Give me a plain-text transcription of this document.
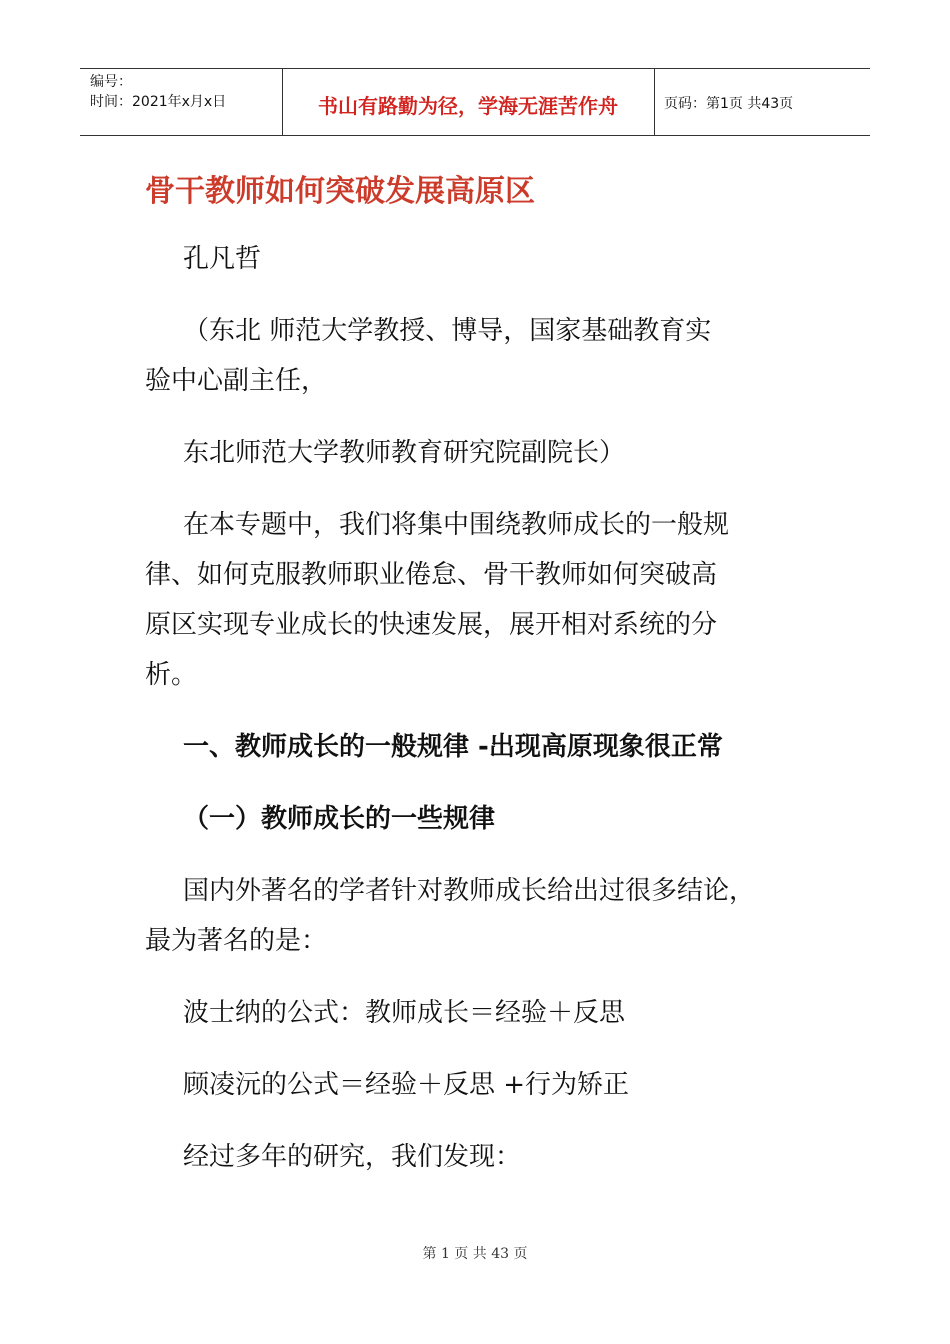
编号：
时间：2021年x月x日	书山有路勤为径，学海无涯苦作舟	页码：第1页 共43页
骨干教师如何突破发展高原区
孔凡哲
（东北 师范大学教授、博导，国家基础教育实
验中心副主任，
东北师范大学教师教育研究院副院长）
在本专题中，我们将集中围绕教师成长的一般规
律、如何克服教师职业倦怠、骨干教师如何突破高
原区实现专业成长的快速发展，展开相对系统的分
析。
一、教师成长的一般规律 -出现高原现象很正常
（一）教师成长的一些规律
国内外著名的学者针对教师成长给出过很多结论，
最为著名的是：
波士纳的公式：教师成长＝经验＋反思
顾凌沅的公式＝经验＋反思 +行为矫正
经过多年的研究，我们发现：
第 1 页 共 43 页
